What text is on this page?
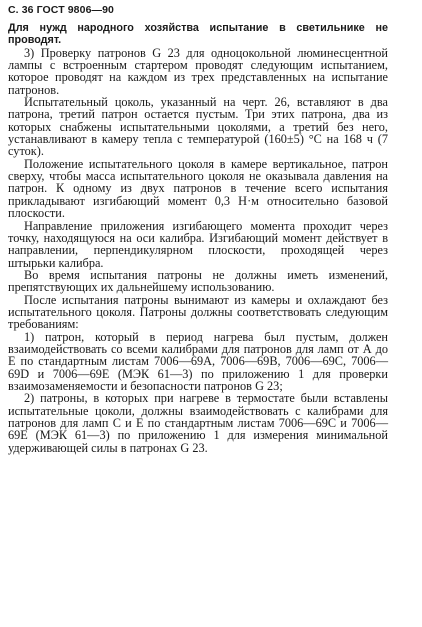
С. 36 ГОСТ 9806—90

Для нужд народного хозяйства испытание в светильнике не проводят.

3) Проверку патронов G 23 для одноцокольной люминесцентной лампы с встроенным стартером проводят следующим испытанием, которое проводят на каждом из трех представленных на испытание патронов.

Испытательный цоколь, указанный на черт. 26, вставляют в два патрона, третий патрон остается пустым. Три этих патрона, два из которых снабжены испытательными цоколями, а третий без него, устанавливают в камеру тепла с температурой (160±5) °С на 168 ч (7 суток).

Положение испытательного цоколя в камере вертикальное, патрон сверху, чтобы масса испытательного цоколя не оказывала давления на патрон. К одному из двух патронов в течение всего испытания прикладывают изгибающий момент 0,3 Н·м относительно базовой плоскости.

Направление приложения изгибающего момента проходит через точку, находящуюся на оси калибра. Изгибающий момент действует в направлении, перпендикулярном плоскости, проходящей через штырьки калибра.

Во время испытания патроны не должны иметь изменений, препятствующих их дальнейшему использованию.

После испытания патроны вынимают из камеры и охлаждают без испытательного цоколя. Патроны должны соответствовать следующим требованиям:

1) патрон, который в период нагрева был пустым, должен взаимодействовать со всеми калибрами для патронов для ламп от А до Е по стандартным листам 7006—69А, 7006—69В, 7006—69С, 7006—69D и 7006—69Е (МЭК 61—3) по приложению 1 для проверки взаимозаменяемости и безопасности патронов G 23;

2) патроны, в которых при нагреве в термостате были вставлены испытательные цоколи, должны взаимодействовать с калибрами для патронов для ламп С и Е по стандартным листам 7006—69С и 7006—69Е (МЭК 61—3) по приложению 1 для измерения минимальной удерживающей силы в патронах G 23.
